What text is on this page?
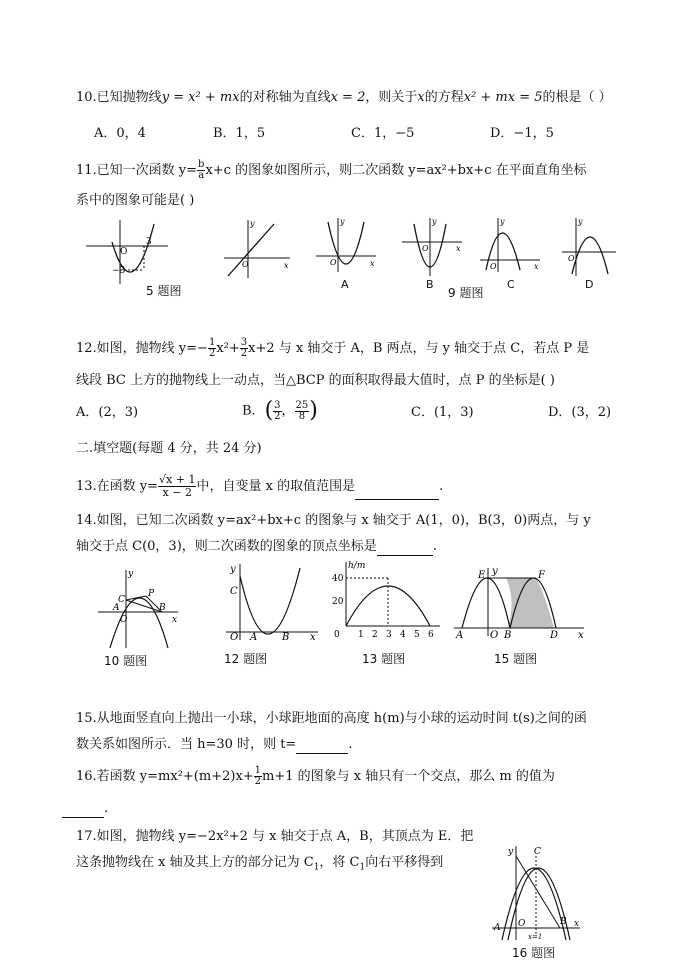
10.已知抛物线y = x² + mx的对称轴为直线x = 2，则关于x的方程x² + mx = 5的根是（ ）
A．0，4	B．1，5	C．1，−5	D．−1，5
11.已知一次函数 $y= \frac{b}{a} x+c$ 的图象如图所示，则二次函数 y=ax²+bx+c 在平面直角坐标
系中的图象可能是( )
O
3
−3
5 题图
x
y
O	x
y
O
A
x
y
O
B
9 题图
x
y
O
C
y
O
D
12.如图，抛物线 $y=- \frac{1}{2} x^2+ \frac{3}{2} x+2$ 与 x 轴交于 A，B 两点，与 y 轴交于点 C，若点 P 是
线段 BC 上方的抛物线上一动点，当△BCP 的面积取得最大值时，点 P 的坐标是( )
A．(2，3)	B．( $\frac{3}{2}$ ， $\frac{25}{8}$ )	C．(1，3)	D．(3，2)
二.填空题(每题 4 分，共 24 分)
13.在函数 $y= \frac{√x + 1}{x - 2}$ 中，自变量 x 的取值范围是	.
14.如图，已知二次函数 y=ax²+bx+c 的图象与 x 轴交于 A(1，0)，B(3，0)两点，与 y
轴交于点 C(0，3)，则二次函数的图象的顶点坐标是	.
A	B
C
P
O	x
y
10 题图
C
O A B x
y
12 题图
h/m
40
20
0 1 2 3 4 5 6
13 题图
E	F
A	O B	D x
y
15 题图
15.从地面竖直向上抛出一小球，小球距地面的高度 h(m)与小球的运动时间 t(s)之间的函
数关系如图所示．当 h=30 时，则 t=	.
16.若函数 $y=mx^2+(m+2)x+ \frac{1}{2} m+1$ 的图象与 x 轴只有一个交点，那么 m 的值为
.
17.如图，抛物线 y=−2x²+2 与 x 轴交于点 A，B，其顶点为 E．把
这条抛物线在 x 轴及其上方的部分记为 $C_1$，将 $C_1$向右平移得到
y C
A O	B x
x=1
16 题图
